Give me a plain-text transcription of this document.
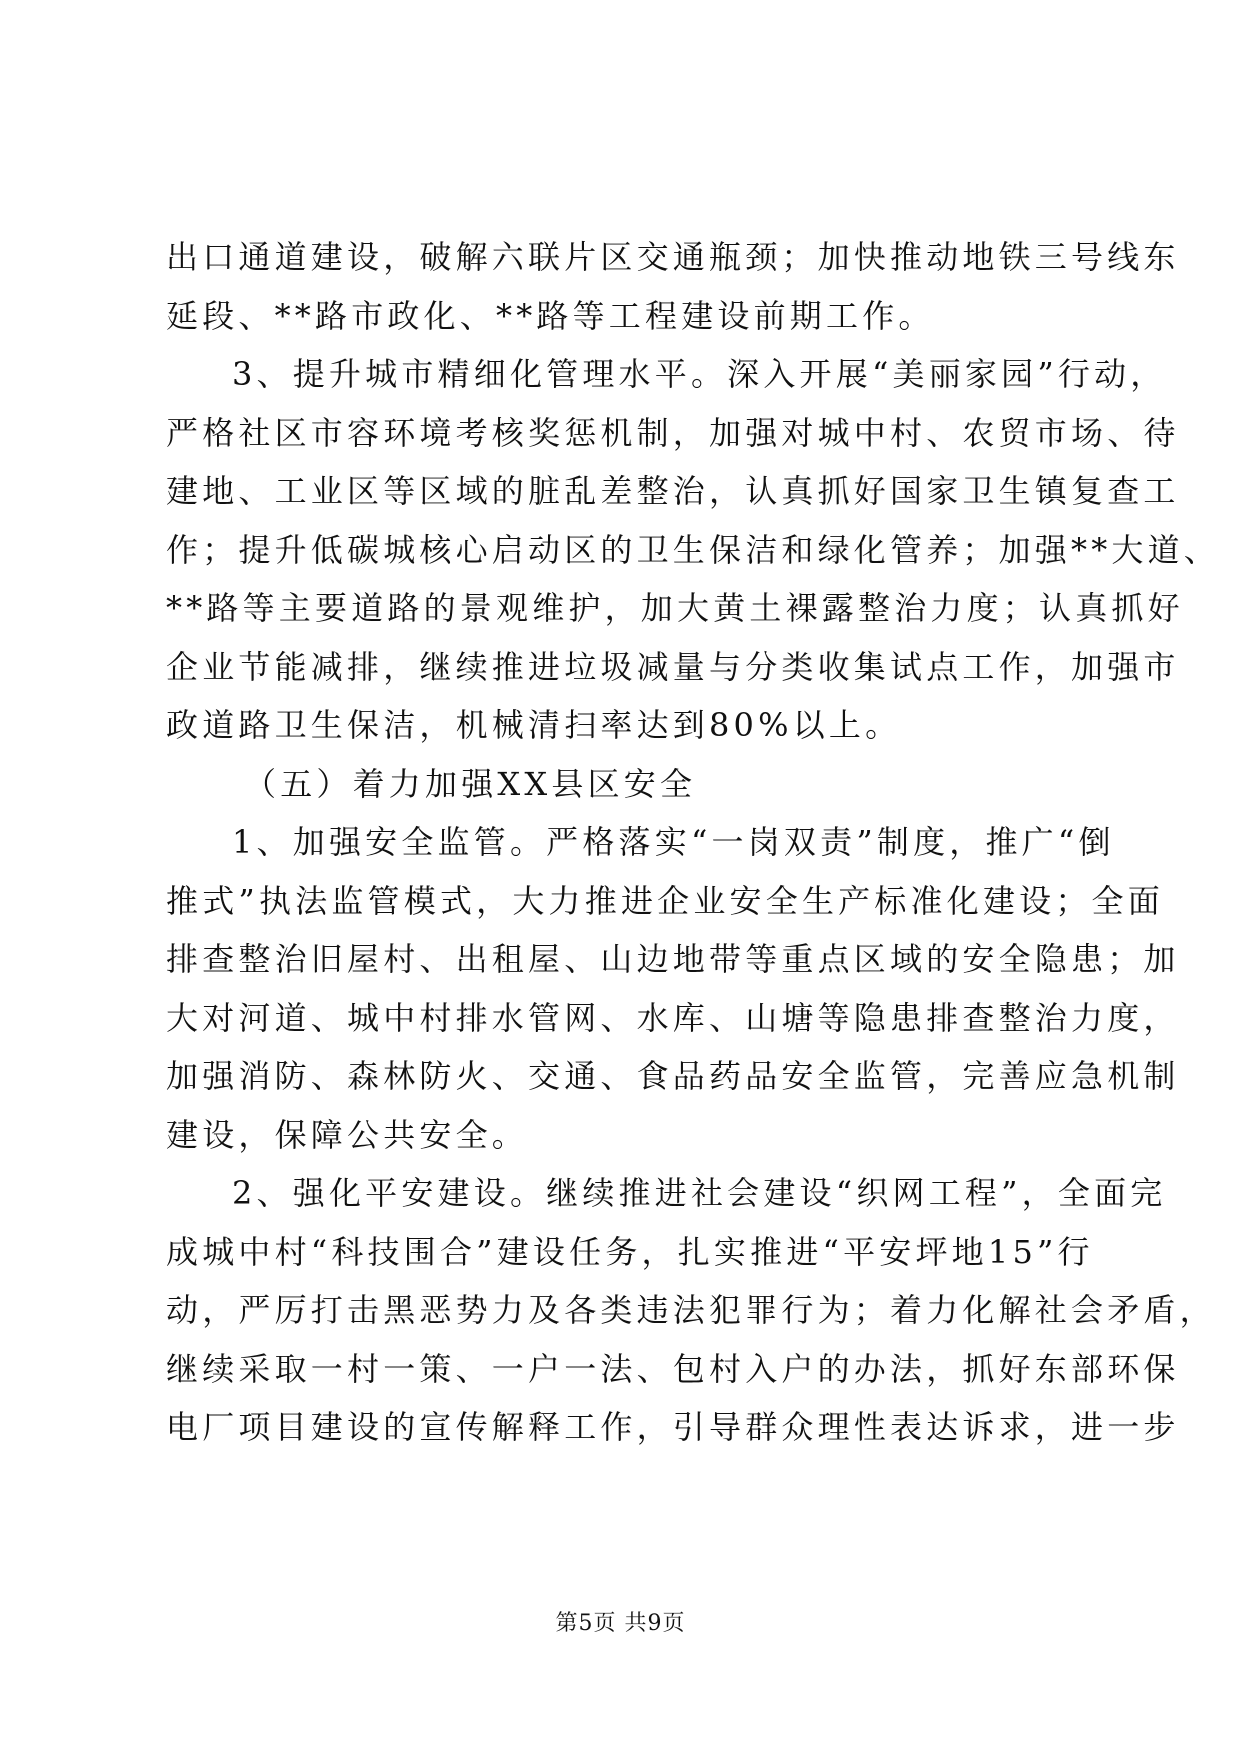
出口通道建设，破解六联片区交通瓶颈；加快推动地铁三号线东
延段、**路市政化、**路等工程建设前期工作。
3、提升城市精细化管理水平。深入开展“美丽家园”行动，
严格社区市容环境考核奖惩机制，加强对城中村、农贸市场、待
建地、工业区等区域的脏乱差整治，认真抓好国家卫生镇复查工
作；提升低碳城核心启动区的卫生保洁和绿化管养；加强**大道、
**路等主要道路的景观维护，加大黄土裸露整治力度；认真抓好
企业节能减排，继续推进垃圾减量与分类收集试点工作，加强市
政道路卫生保洁，机械清扫率达到80%以上。
（五）着力加强XX县区安全
1、加强安全监管。严格落实“一岗双责”制度，推广“倒
推式”执法监管模式，大力推进企业安全生产标准化建设；全面
排查整治旧屋村、出租屋、山边地带等重点区域的安全隐患；加
大对河道、城中村排水管网、水库、山塘等隐患排查整治力度，
加强消防、森林防火、交通、食品药品安全监管，完善应急机制
建设，保障公共安全。
2、强化平安建设。继续推进社会建设“织网工程”，全面完
成城中村“科技围合”建设任务，扎实推进“平安坪地15”行
动，严厉打击黑恶势力及各类违法犯罪行为；着力化解社会矛盾，
继续采取一村一策、一户一法、包村入户的办法，抓好东部环保
电厂项目建设的宣传解释工作，引导群众理性表达诉求，进一步
第5页 共9页
